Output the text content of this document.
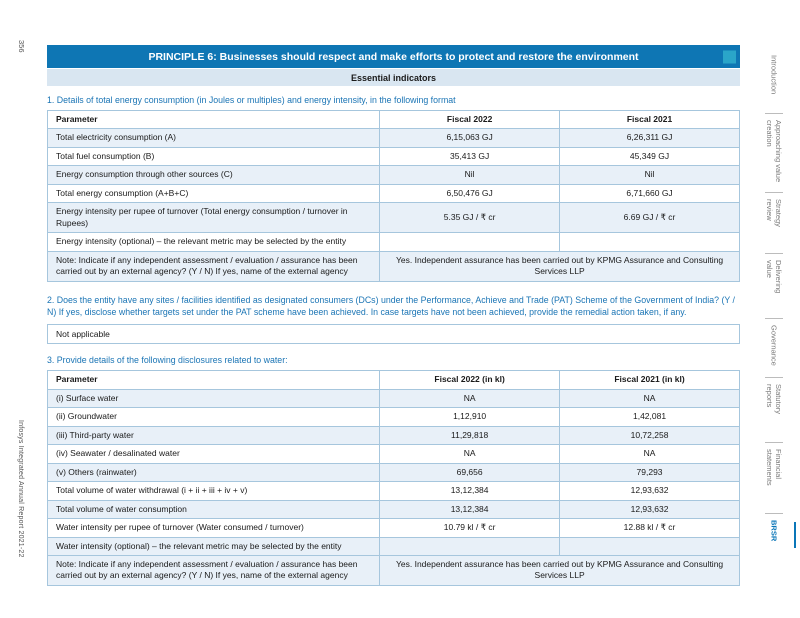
356
Infosys Integrated Annual Report 2021-22
PRINCIPLE 6: Businesses should respect and make efforts to protect and restore the environment
Essential indicators
1. Details of total energy consumption (in Joules or multiples) and energy intensity, in the following format
Parameter	Fiscal 2022	Fiscal 2021
Total electricity consumption (A)	6,15,063 GJ	6,26,311 GJ
Total fuel consumption (B)	35,413 GJ	45,349 GJ
Energy consumption through other sources (C)	Nil	Nil
Total energy consumption (A+B+C)	6,50,476 GJ	6,71,660 GJ
Energy intensity per rupee of turnover (Total energy consumption / turnover in Rupees)	5.35 GJ / ₹ cr	6.69 GJ / ₹ cr
Energy intensity (optional) – the relevant metric may be selected by the entity		
Note: Indicate if any independent assessment / evaluation / assurance has been carried out by an external agency? (Y / N) If yes, name of the external agency	Yes. Independent assurance has been carried out by KPMG Assurance and Consulting Services LLP	
2. Does the entity have any sites / facilities identified as designated consumers (DCs) under the Performance, Achieve and Trade (PAT) Scheme of the Government of India? (Y / N) If yes, disclose whether targets set under the PAT scheme have been achieved. In case targets have not been achieved, provide the remedial action taken, if any.
Not applicable
3. Provide details of the following disclosures related to water:
Parameter	Fiscal 2022 (in kl)	Fiscal 2021 (in kl)
(i) Surface water	NA	NA
(ii) Groundwater	1,12,910	1,42,081
(iii) Third-party water	11,29,818	10,72,258
(iv) Seawater / desalinated water	NA	NA
(v) Others (rainwater)	69,656	79,293
Total volume of water withdrawal (i + ii + iii + iv + v)	13,12,384	12,93,632
Total volume of water consumption	13,12,384	12,93,632
Water intensity per rupee of turnover (Water consumed / turnover)	10.79 kl / ₹ cr	12.88 kl / ₹ cr
Water intensity (optional) – the relevant metric may be selected by the entity		
Note: Indicate if any independent assessment / evaluation / assurance has been carried out by an external agency? (Y / N) If yes, name of the external agency	Yes. Independent assurance has been carried out by KPMG Assurance and Consulting Services LLP	
Introduction
Approaching value creation
Strategy review
Delivering value
Governance
Statutory reports
Financial statements
BRSR
